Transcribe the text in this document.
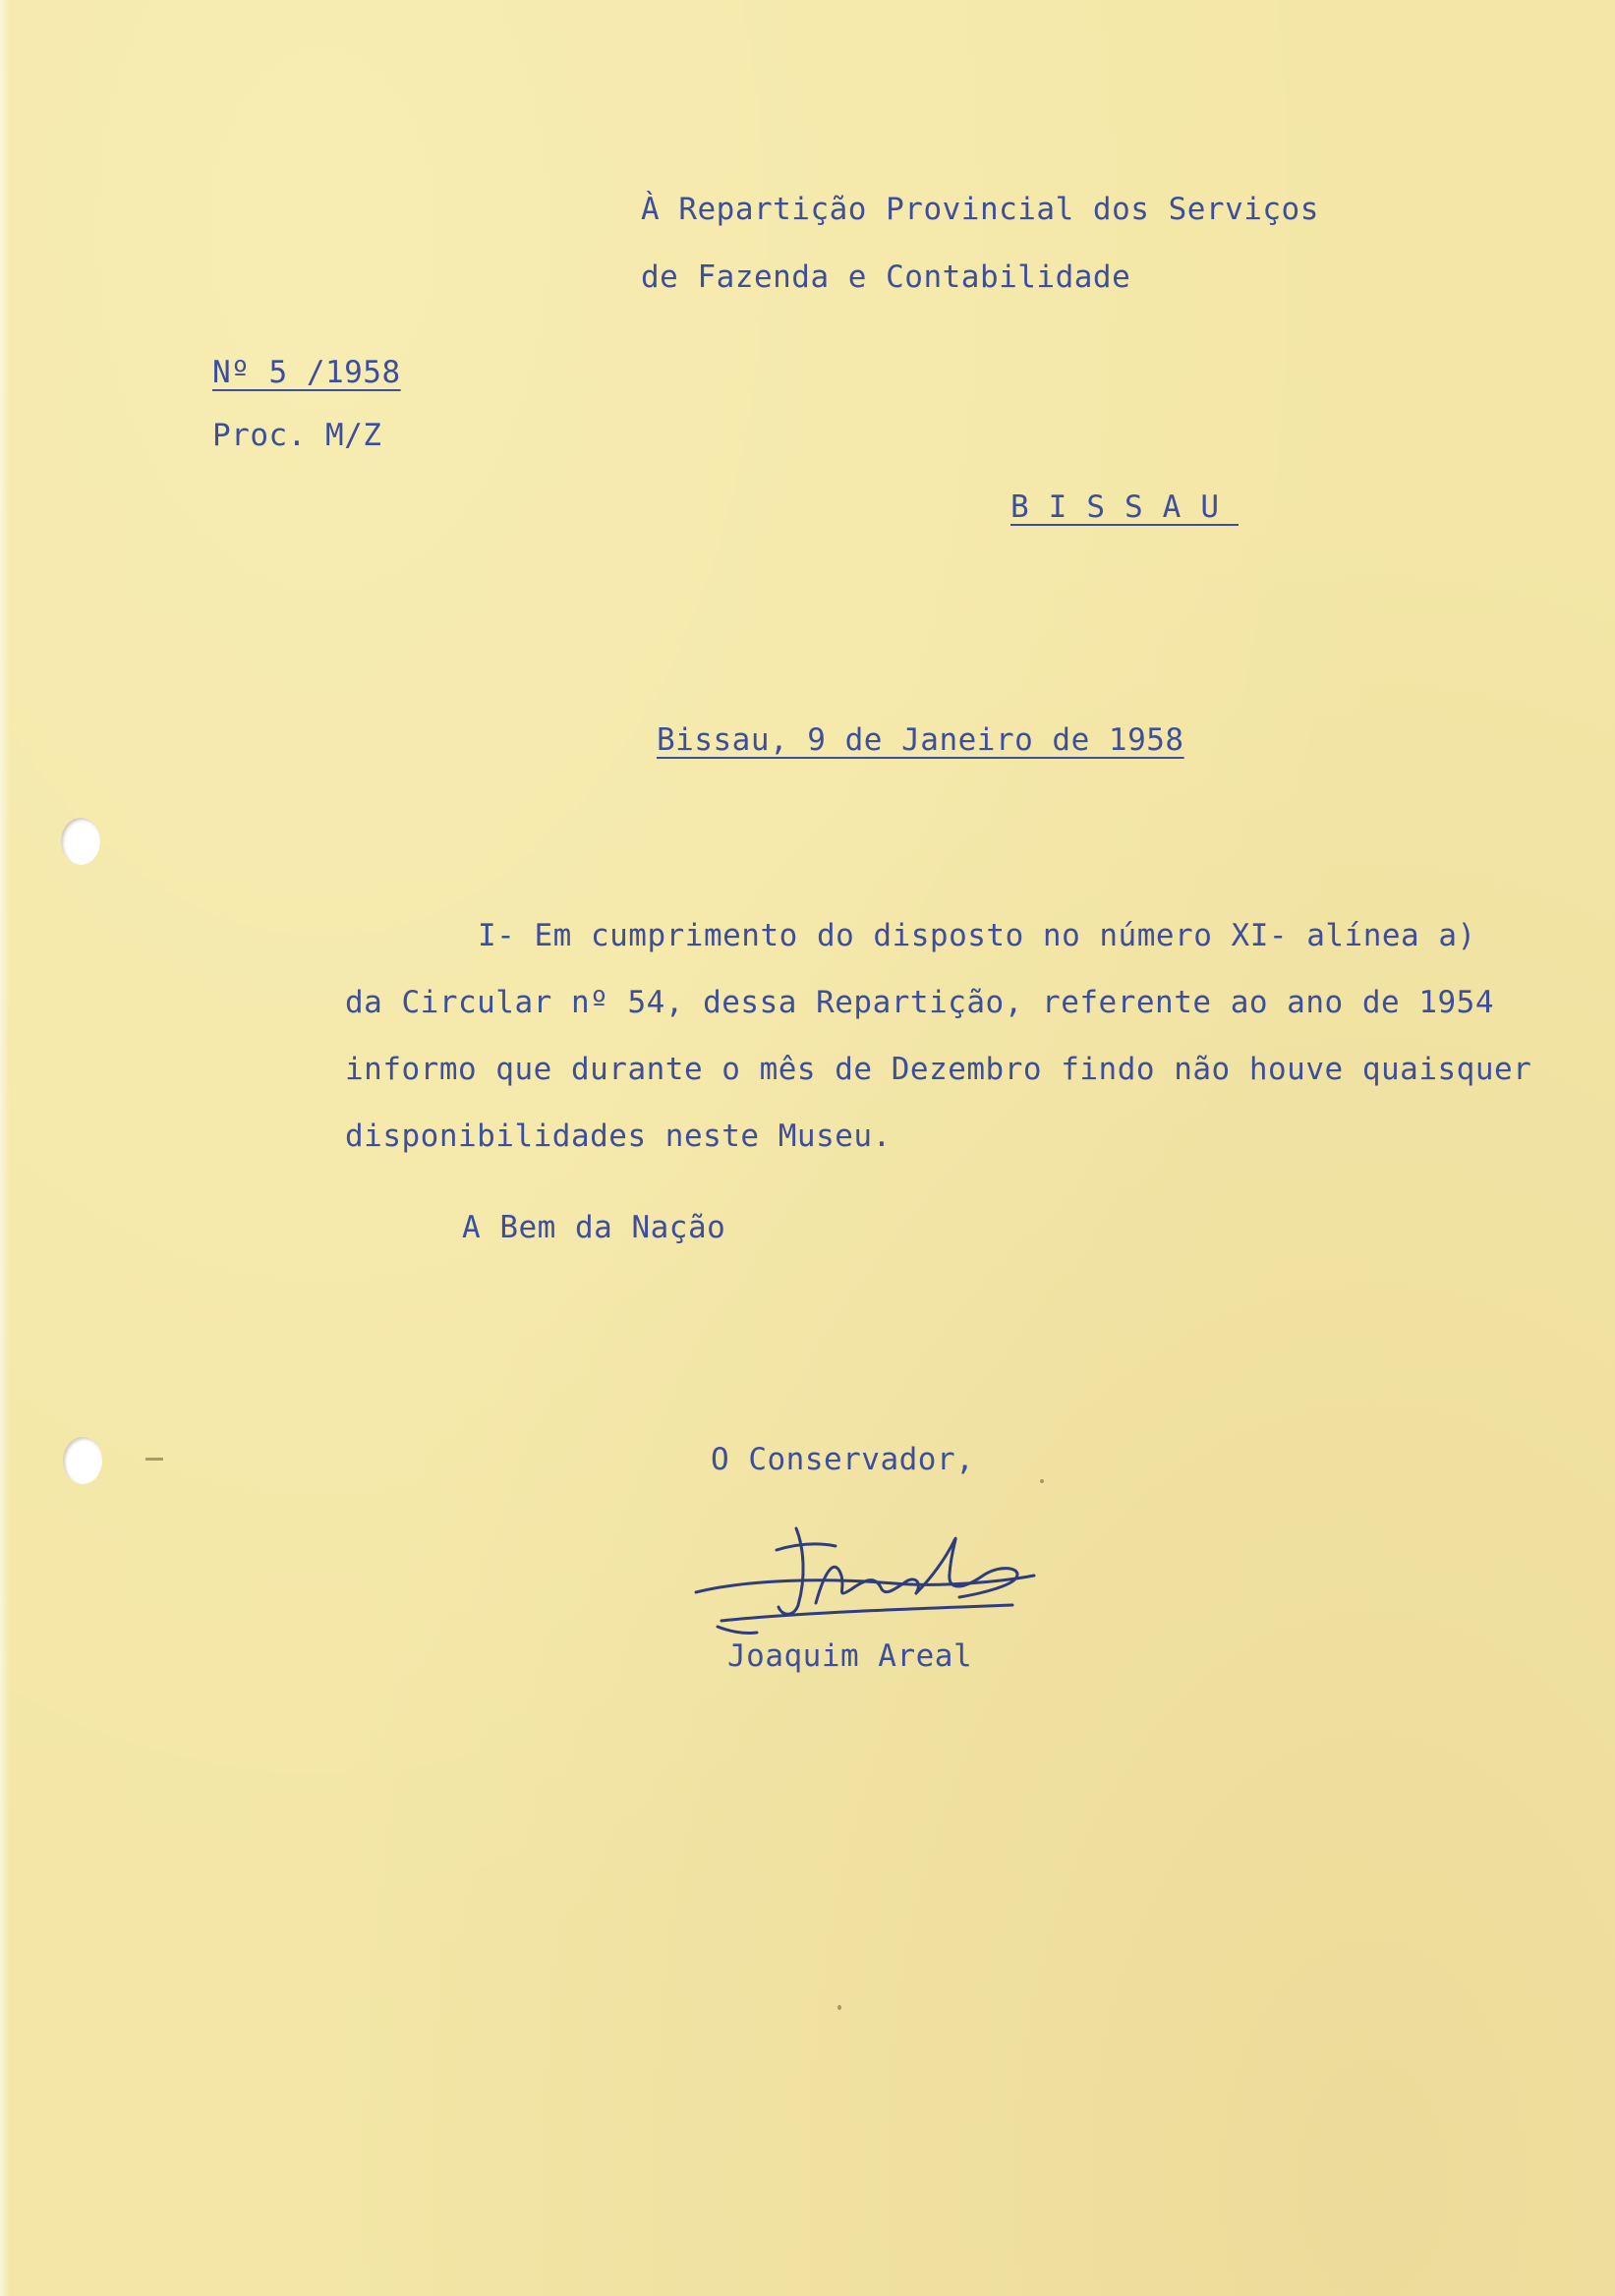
À Repartição Provincial dos Serviços
de Fazenda e Contabilidade
Nº 5 /1958
Proc. M/Z
BISSAU
Bissau, 9 de Janeiro de 1958
I- Em cumprimento do disposto no número XI- alínea a)
da Circular nº 54, dessa Repartição, referente ao ano de 1954
informo que durante o mês de Dezembro findo não houve quaisquer
disponibilidades neste Museu.
A Bem da Nação
O Conservador,
Joaquim Areal
